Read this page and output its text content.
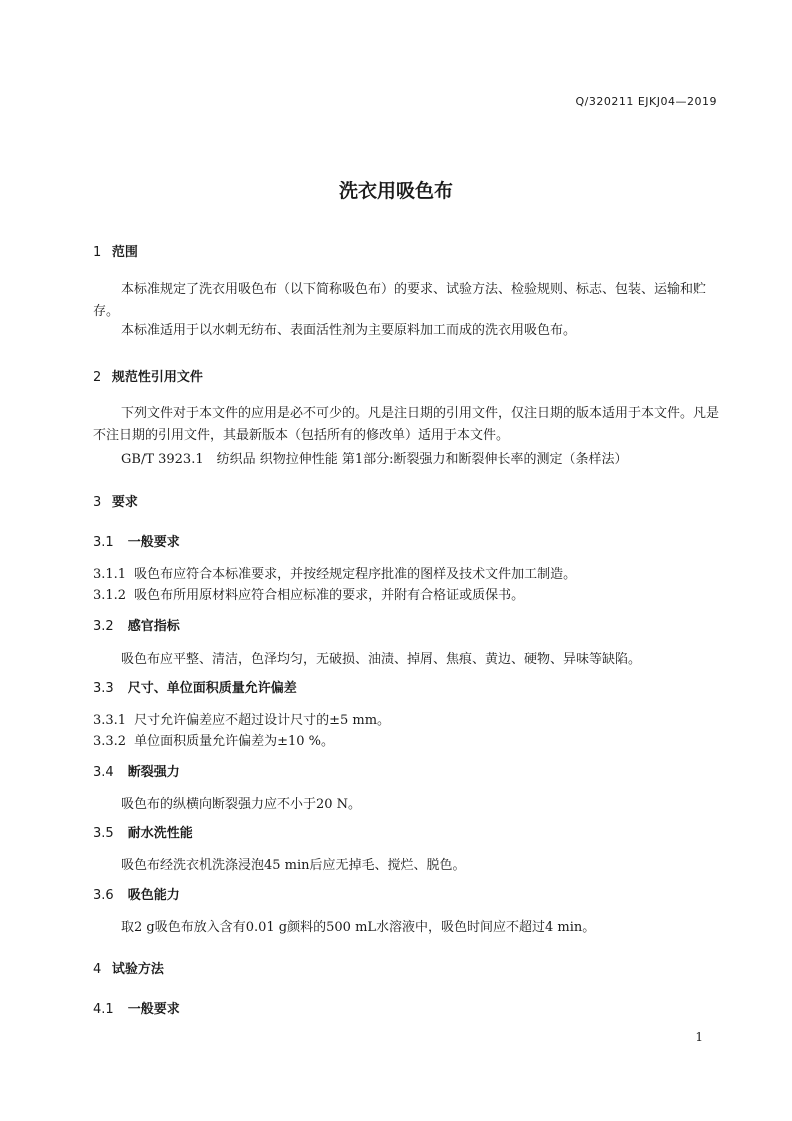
Q/320211 EJKJ04—2019
洗衣用吸色布
1 范围
本标准规定了洗衣用吸色布（以下简称吸色布）的要求、试验方法、检验规则、标志、包装、运输和贮存。
本标准适用于以水刺无纺布、表面活性剂为主要原料加工而成的洗衣用吸色布。
2 规范性引用文件
下列文件对于本文件的应用是必不可少的。凡是注日期的引用文件，仅注日期的版本适用于本文件。凡是不注日期的引用文件，其最新版本（包括所有的修改单）适用于本文件。
GB/T 3923.1　纺织品 织物拉伸性能 第1部分:断裂强力和断裂伸长率的测定（条样法）
3 要求
3.1 一般要求
3.1.1 吸色布应符合本标准要求，并按经规定程序批准的图样及技术文件加工制造。
3.1.2 吸色布所用原材料应符合相应标准的要求，并附有合格证或质保书。
3.2 感官指标
吸色布应平整、清洁，色泽均匀，无破损、油渍、掉屑、焦痕、黄边、硬物、异味等缺陷。
3.3 尺寸、单位面积质量允许偏差
3.3.1 尺寸允许偏差应不超过设计尺寸的±5 mm。
3.3.2 单位面积质量允许偏差为±10 %。
3.4 断裂强力
吸色布的纵横向断裂强力应不小于20 N。
3.5 耐水洗性能
吸色布经洗衣机洗涤浸泡45 min后应无掉毛、搅烂、脱色。
3.6 吸色能力
取2 g吸色布放入含有0.01 g颜料的500 mL水溶液中，吸色时间应不超过4 min。
4 试验方法
4.1 一般要求
1
